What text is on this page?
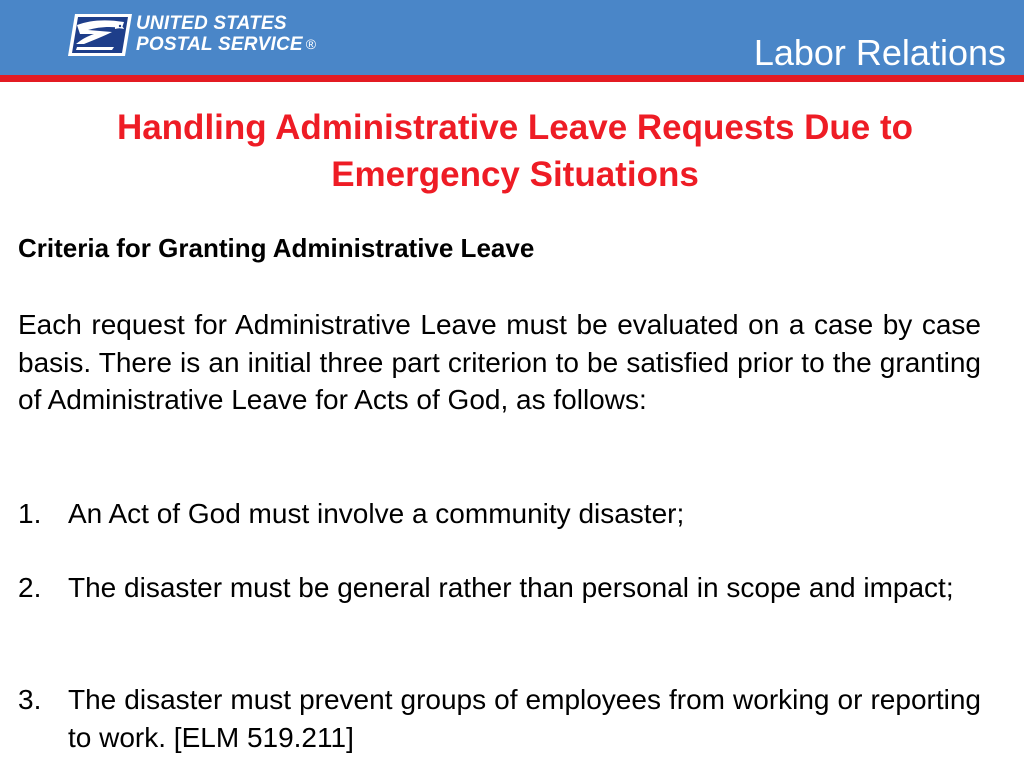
UNITED STATES
POSTAL SERVICE ®	Labor Relations
Handling Administrative Leave Requests Due to
Emergency Situations
Criteria for Granting Administrative Leave

Each request for Administrative Leave must be evaluated on a case by case basis. There is an initial three part criterion to be satisfied prior to the granting of Administrative Leave for Acts of God, as follows:

1. An Act of God must involve a community disaster;
2. The disaster must be general rather than personal in scope and impact;
3. The disaster must prevent groups of employees from working or reporting to work. [ELM 519.211]
